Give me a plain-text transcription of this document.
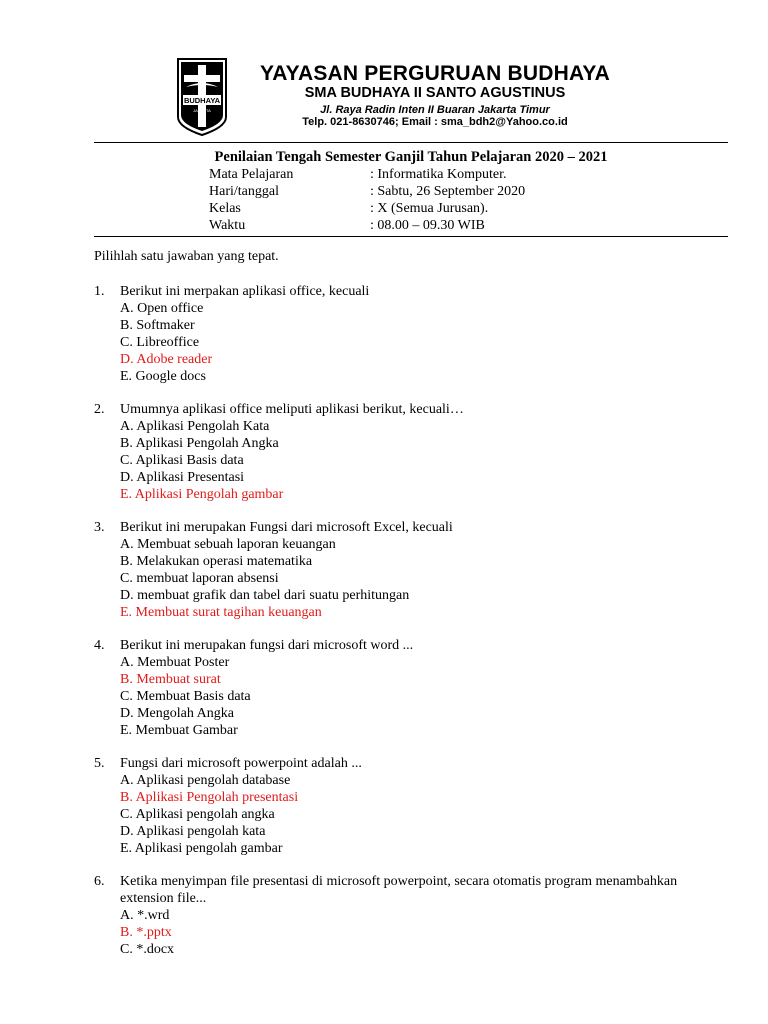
BUDHAYA
JAKARTA
YAYASAN PERGURUAN BUDHAYA
SMA BUDHAYA II SANTO AGUSTINUS
Jl. Raya Radin Inten II Buaran Jakarta Timur
Telp. 021-8630746; Email : sma_bdh2@Yahoo.co.id
Penilaian Tengah Semester Ganjil Tahun Pelajaran 2020 – 2021
Mata Pelajaran	: Informatika Komputer.
Hari/tanggal	: Sabtu, 26 September 2020
Kelas	: X (Semua Jurusan).
Waktu	: 08.00 – 09.30 WIB
Pilihlah satu jawaban yang tepat.
1.	Berikut ini merpakan aplikasi office, kecuali
A. Open office
B. Softmaker
C. Libreoffice
D. Adobe reader
E. Google docs
2.	Umumnya aplikasi office meliputi aplikasi berikut, kecuali…
A. Aplikasi Pengolah Kata
B. Aplikasi Pengolah Angka
C. Aplikasi Basis data
D. Aplikasi Presentasi
E. Aplikasi Pengolah gambar
3.	Berikut ini merupakan Fungsi dari microsoft Excel, kecuali
A. Membuat sebuah laporan keuangan
B. Melakukan operasi matematika
C. membuat laporan absensi
D. membuat grafik dan tabel dari suatu perhitungan
E. Membuat surat tagihan keuangan
4.	Berikut ini merupakan fungsi dari microsoft word ...
A. Membuat Poster
B. Membuat surat
C. Membuat Basis data
D. Mengolah Angka
E. Membuat Gambar
5.	Fungsi dari microsoft powerpoint adalah ...
A. Aplikasi pengolah database
B. Aplikasi Pengolah presentasi
C. Aplikasi pengolah angka
D. Aplikasi pengolah kata
E. Aplikasi pengolah gambar
6.	Ketika menyimpan file presentasi di microsoft powerpoint, secara otomatis program menambahkan extension file...
A. *.wrd
B. *.pptx
C. *.docx
